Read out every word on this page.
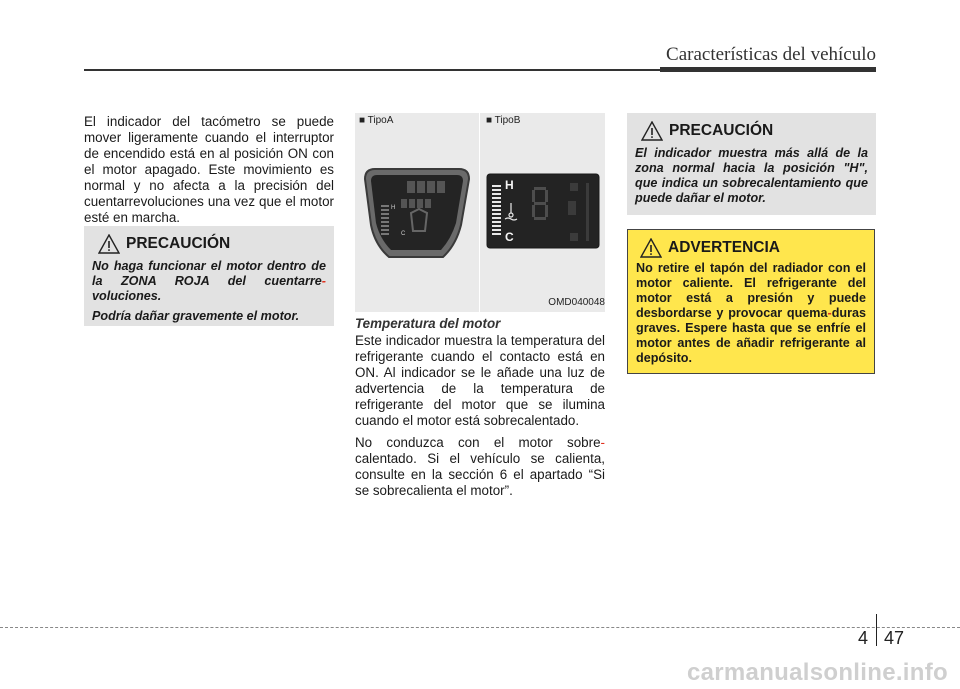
Características del vehículo
El indicador del tacómetro se puede mover ligeramente cuando el interruptor de encendido está en al posición ON con el motor apagado. Este movimiento es normal y no afecta a la precisión del cuentarrevoluciones una vez que el motor esté en marcha.
PRECAUCIÓN

No haga funcionar el motor dentro de la ZONA ROJA del cuentarre-voluciones.

Podría dañar gravemente el motor.

■ TipoA	■ TipoB
H
C
H
C
OMD040048
Temperatura del motor

Este indicador muestra la temperatura del refrigerante cuando el contacto está en ON. Al indicador se le añade una luz de advertencia de la temperatura de refrigerante del motor que se ilumina cuando el motor está sobrecalentado.

No conduzca con el motor sobre-calentado. Si el vehículo se calienta, consulte en la sección 6 el apartado “Si se sobrecalienta el motor”.

PRECAUCIÓN
El indicador muestra más allá de la zona normal hacia la posición "H", que indica un sobrecalentamiento que puede dañar el motor.
ADVERTENCIA
No retire el tapón del radiador con el motor caliente. El refrigerante del motor está a presión y puede desbordarse y provocar quema-duras graves. Espere hasta que se enfríe el motor antes de añadir refrigerante al depósito.
4 47
carmanualsonline.info
